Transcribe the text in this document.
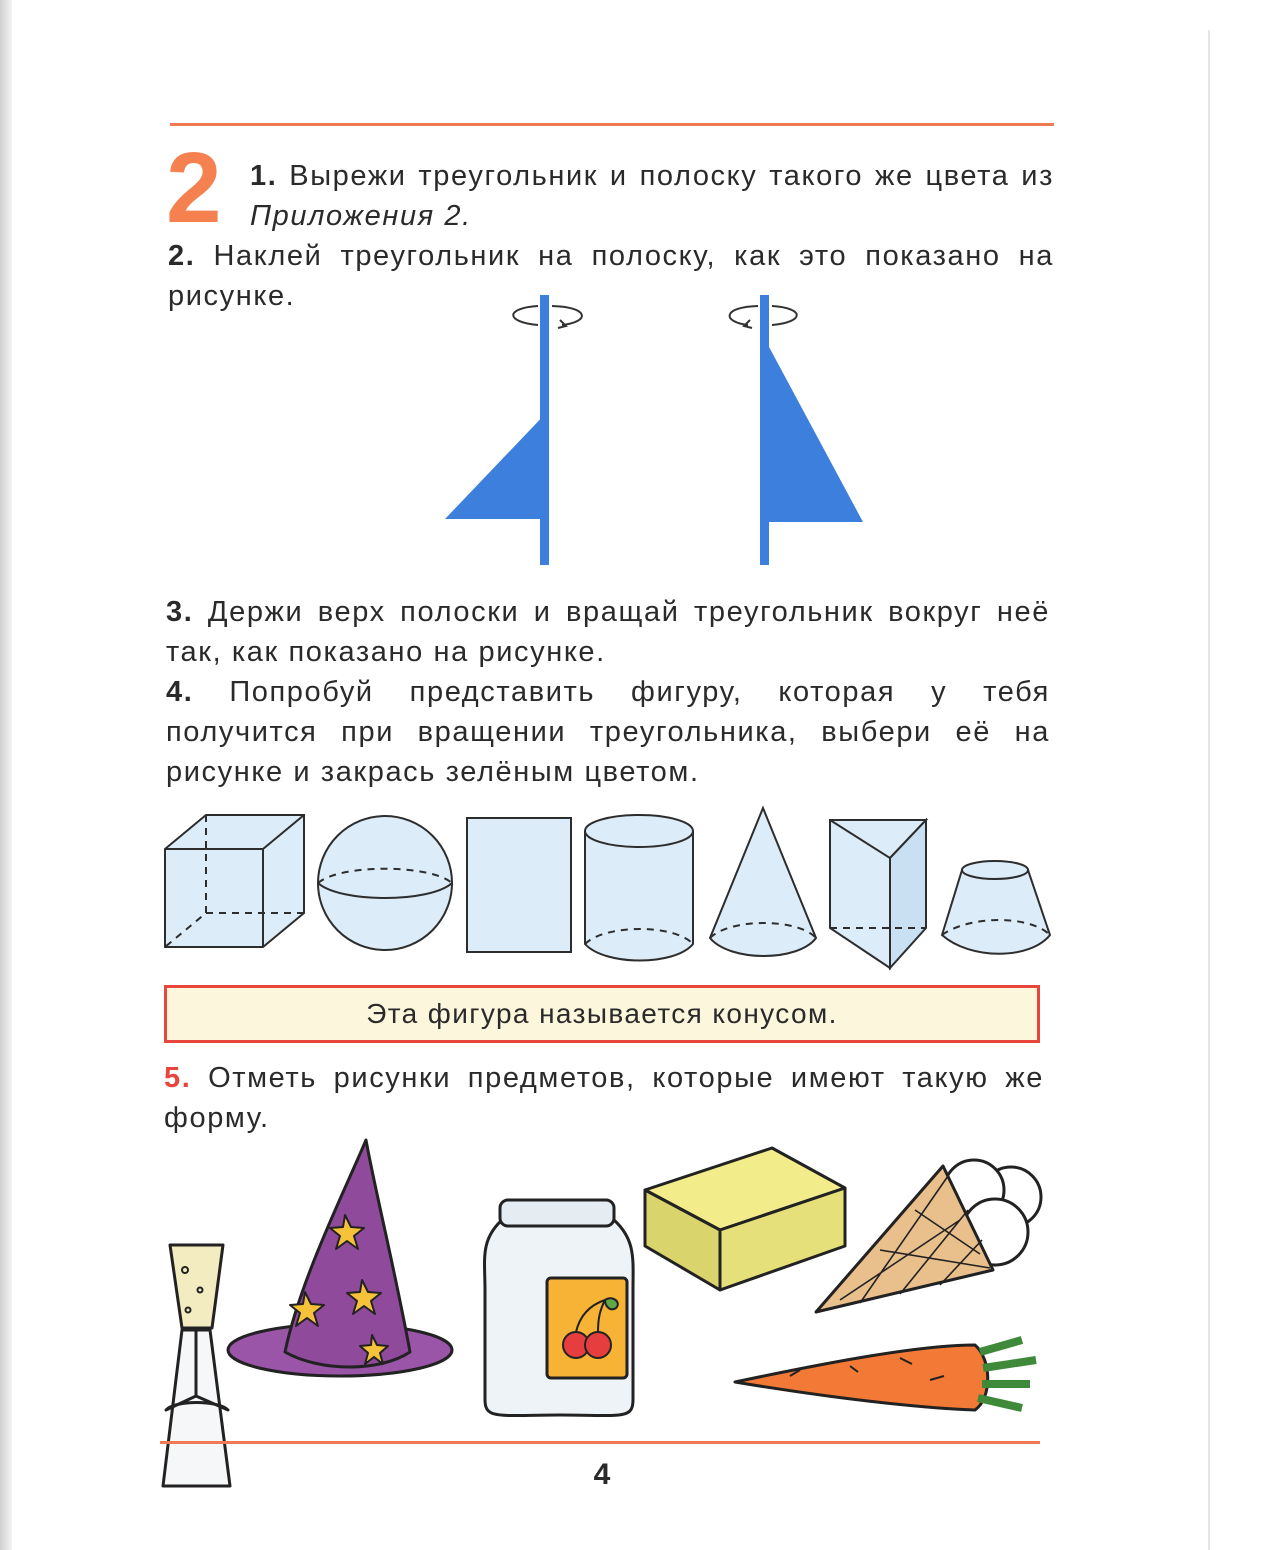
2 1. Вырежи треугольник и полоску такого же цвета из Приложения 2.

2. Наклей треугольник на полоску, как это показано на рисунке.

3. Держи верх полоски и вращай треугольник вокруг неё так, как показано на рисунке.

4. Попробуй представить фигуру, которая у тебя получится при вращении треугольника, выбери её на рисунке и закрась зелёным цветом.

Эта фигура называется конусом.

5. Отметь рисунки предметов, которые имеют такую же форму.

4
